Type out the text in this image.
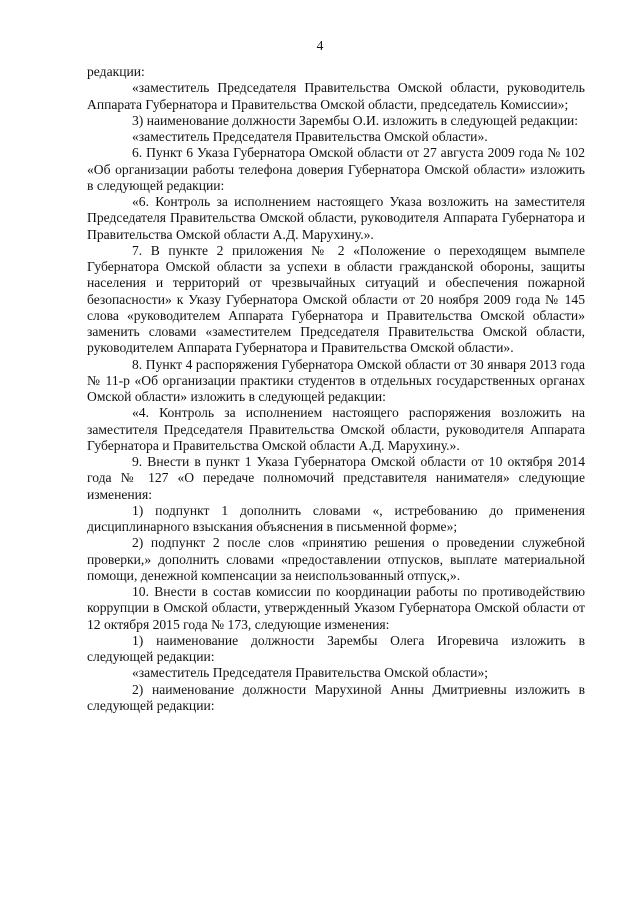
4

редакции:

«заместитель Председателя Правительства Омской области, руководитель Аппарата Губернатора и Правительства Омской области, председатель Комиссии»;

3) наименование должности Зарембы О.И. изложить в следующей редакции:

«заместитель Председателя Правительства Омской области».

6. Пункт 6 Указа Губернатора Омской области от 27 августа 2009 года № 102 «Об организации работы телефона доверия Губернатора Омской области» изложить в следующей редакции:

«6. Контроль за исполнением настоящего Указа возложить на заместителя Председателя Правительства Омской области, руководителя Аппарата Губернатора и Правительства Омской области А.Д. Марухину.».

7. В пункте 2 приложения № 2 «Положение о переходящем вымпеле Губернатора Омской области за успехи в области гражданской обороны, защиты населения и территорий от чрезвычайных ситуаций и обеспечения пожарной безопасности» к Указу Губернатора Омской области от 20 ноября 2009 года № 145 слова «руководителем Аппарата Губернатора и Правительства Омской области» заменить словами «заместителем Председателя Правительства Омской области, руководителем Аппарата Губернатора и Правительства Омской области».

8. Пункт 4 распоряжения Губернатора Омской области от 30 января 2013 года № 11-р «Об организации практики студентов в отдельных государственных органах Омской области» изложить в следующей редакции:

«4. Контроль за исполнением настоящего распоряжения возложить на заместителя Председателя Правительства Омской области, руководителя Аппарата Губернатора и Правительства Омской области А.Д. Марухину.».

9. Внести в пункт 1 Указа Губернатора Омской области от 10 октября 2014 года № 127 «О передаче полномочий представителя нанимателя» следующие изменения:

1) подпункт 1 дополнить словами «, истребованию до применения дисциплинарного взыскания объяснения в письменной форме»;

2) подпункт 2 после слов «принятию решения о проведении служебной проверки,» дополнить словами «предоставлении отпусков, выплате материальной помощи, денежной компенсации за неиспользованный отпуск,».

10. Внести в состав комиссии по координации работы по противодействию коррупции в Омской области, утвержденный Указом Губернатора Омской области от 12 октября 2015 года № 173, следующие изменения:

1) наименование должности Зарембы Олега Игоревича изложить в следующей редакции:

«заместитель Председателя Правительства Омской области»;

2) наименование должности Марухиной Анны Дмитриевны изложить в следующей редакции:
